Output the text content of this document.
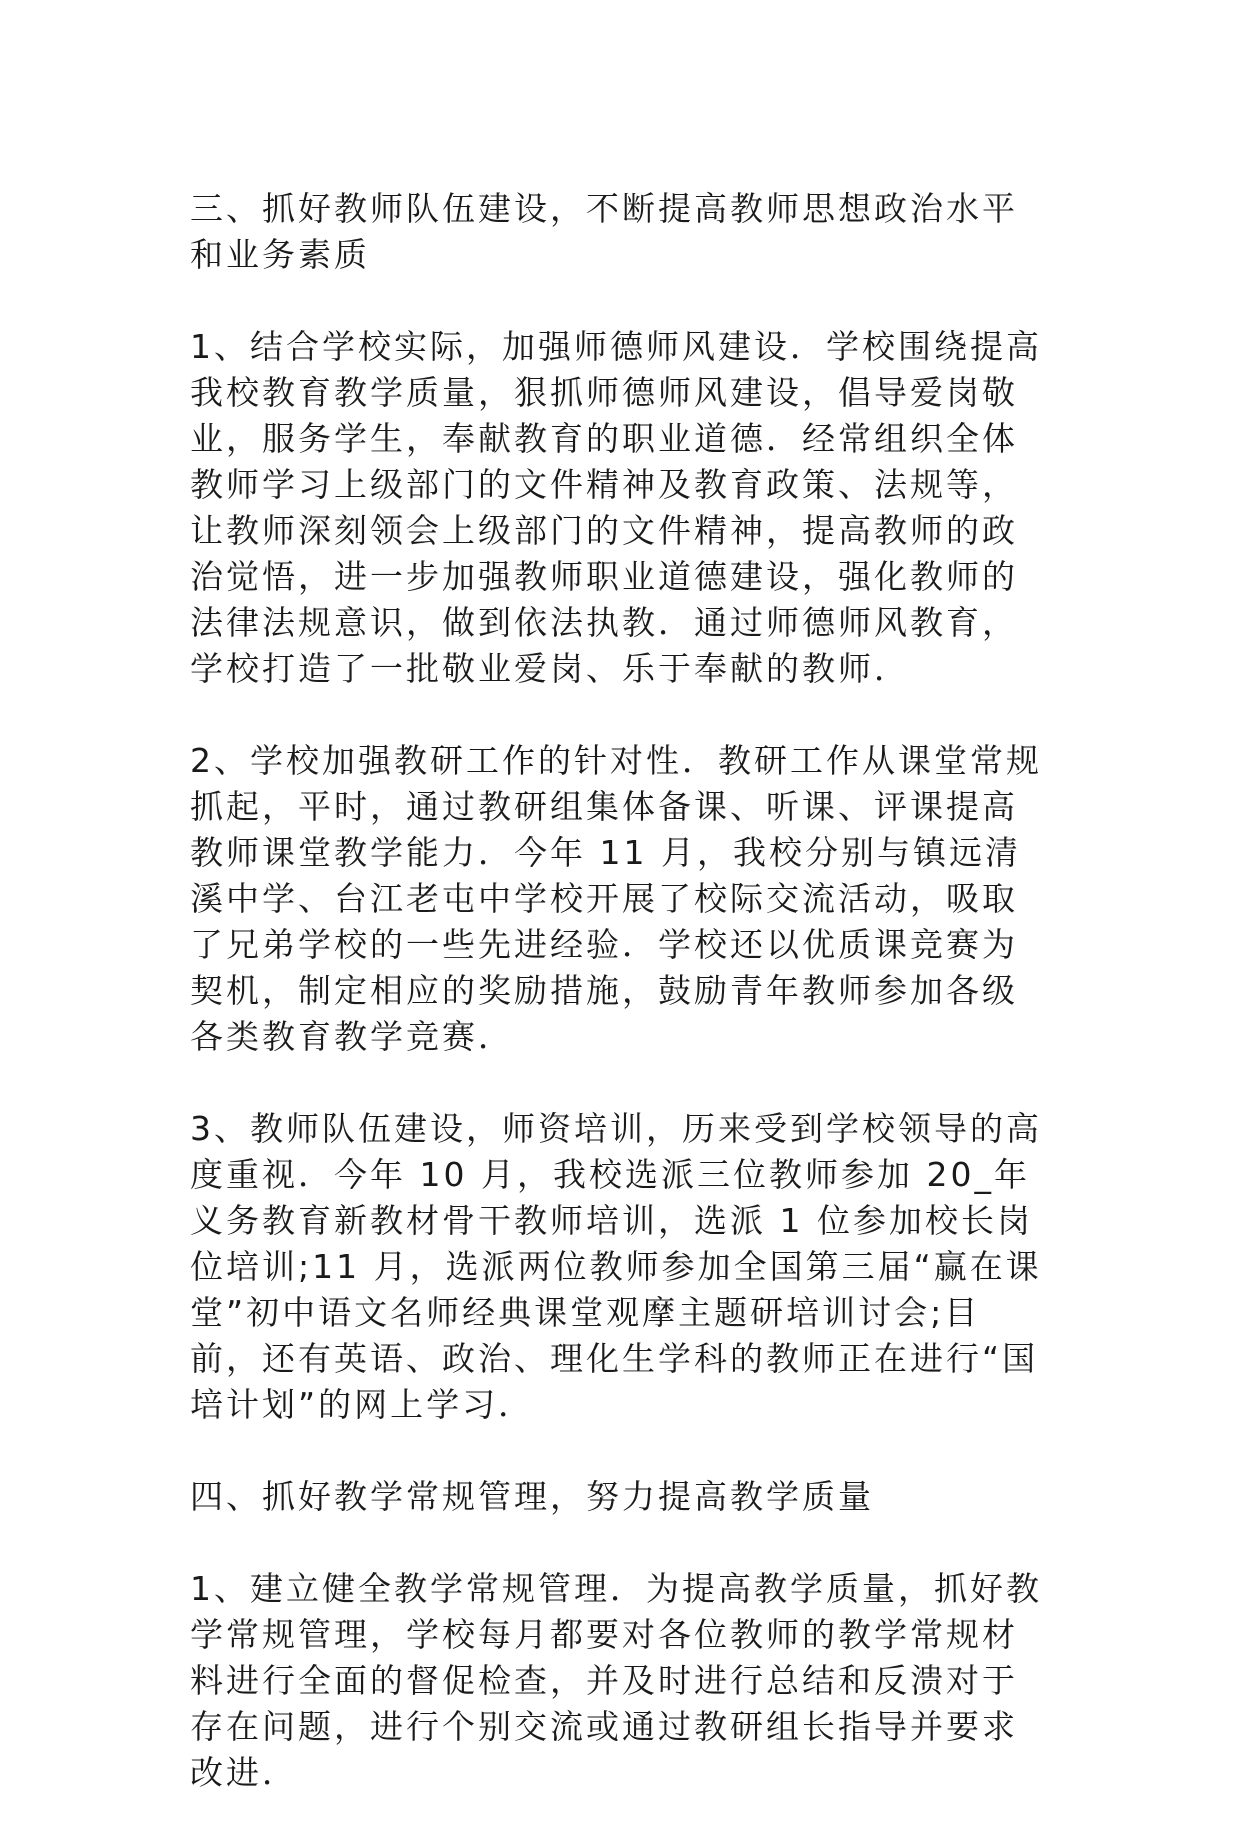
三、抓好教师队伍建设，不断提高教师思想政治水平和业务素质

1、结合学校实际，加强师德师风建设．学校围绕提高我校教育教学质量，狠抓师德师风建设，倡导爱岗敬业，服务学生，奉献教育的职业道德．经常组织全体教师学习上级部门的文件精神及教育政策、法规等，让教师深刻领会上级部门的文件精神，提高教师的政治觉悟，进一步加强教师职业道德建设，强化教师的法律法规意识，做到依法执教．通过师德师风教育，学校打造了一批敬业爱岗、乐于奉献的教师．

2、学校加强教研工作的针对性．教研工作从课堂常规抓起，平时，通过教研组集体备课、听课、评课提高教师课堂教学能力．今年 11 月，我校分别与镇远清溪中学、台江老屯中学校开展了校际交流活动，吸取了兄弟学校的一些先进经验．学校还以优质课竞赛为契机，制定相应的奖励措施，鼓励青年教师参加各级各类教育教学竞赛．

3、教师队伍建设，师资培训，历来受到学校领导的高度重视．今年 10 月，我校选派三位教师参加 20_年义务教育新教材骨干教师培训，选派 1 位参加校长岗位培训;11 月，选派两位教师参加全国第三届“赢在课堂”初中语文名师经典课堂观摩主题研培训讨会;目前，还有英语、政治、理化生学科的教师正在进行“国培计划”的网上学习．

四、抓好教学常规管理，努力提高教学质量

1、建立健全教学常规管理．为提高教学质量，抓好教学常规管理，学校每月都要对各位教师的教学常规材料进行全面的督促检查，并及时进行总结和反溃对于存在问题，进行个别交流或通过教研组长指导并要求改进．
